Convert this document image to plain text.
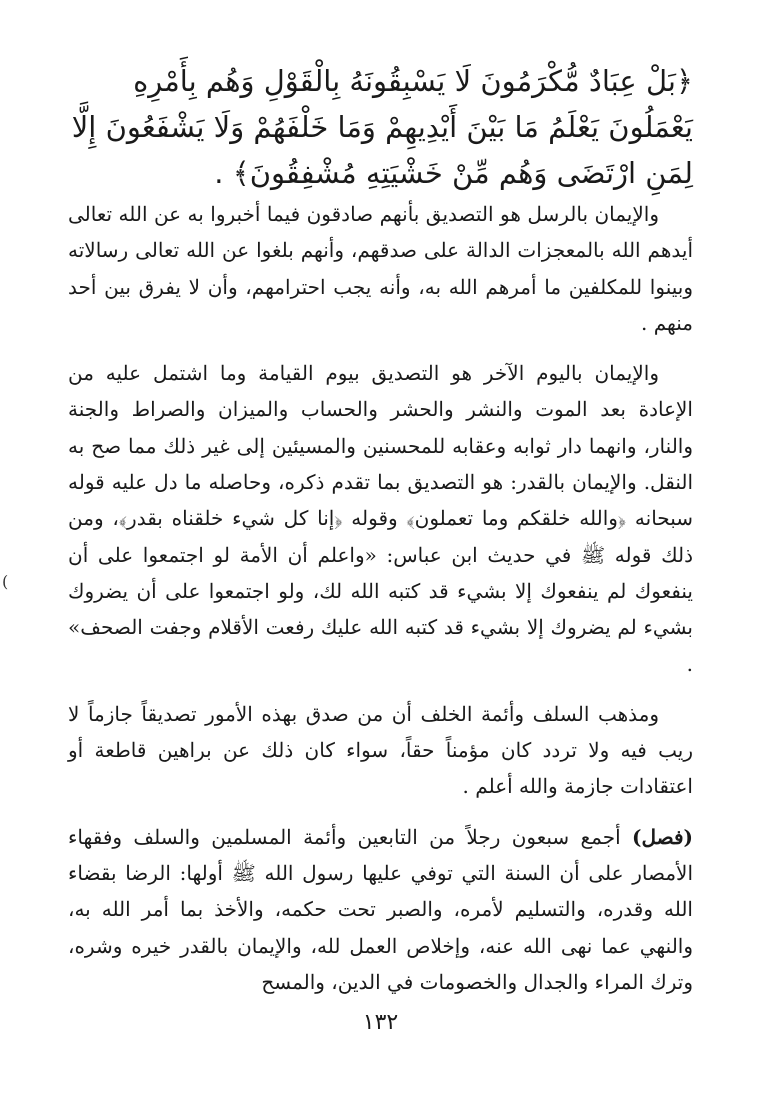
﴿بَلْ عِبَادٌ مُّكْرَمُونَ لَا يَسْبِقُونَهُ بِالْقَوْلِ وَهُم بِأَمْرِهِ يَعْمَلُونَ يَعْلَمُ مَا بَيْنَ أَيْدِيهِمْ وَمَا خَلْفَهُمْ وَلَا يَشْفَعُونَ إِلَّا لِمَنِ ارْتَضَى وَهُم مِّنْ خَشْيَتِهِ مُشْفِقُونَ﴾ .

والإيمان بالرسل هو التصديق بأنهم صادقون فيما أخبروا به عن الله تعالى أيدهم الله بالمعجزات الدالة على صدقهم، وأنهم بلغوا عن الله تعالى رسالاته وبينوا للمكلفين ما أمرهم الله به، وأنه يجب احترامهم، وأن لا يفرق بين أحد منهم .

والإيمان باليوم الآخر هو التصديق بيوم القيامة وما اشتمل عليه من الإعادة بعد الموت والنشر والحشر والحساب والميزان والصراط والجنة والنار، وانهما دار ثوابه وعقابه للمحسنين والمسيئين إلى غير ذلك مما صح به النقل. والإيمان بالقدر: هو التصديق بما تقدم ذكره، وحاصله ما دل عليه قوله سبحانه ﴿والله خلقكم وما تعملون﴾ وقوله ﴿إنا كل شيء خلقناه بقدر﴾، ومن ذلك قوله ﷺ في حديث ابن عباس: «واعلم أن الأمة لو اجتمعوا على أن ينفعوك لم ينفعوك إلا بشيء قد كتبه الله لك، ولو اجتمعوا على أن يضروك بشيء لم يضروك إلا بشيء قد كتبه الله عليك رفعت الأقلام وجفت الصحف» .

ومذهب السلف وأئمة الخلف أن من صدق بهذه الأمور تصديقاً جازماً لا ريب فيه ولا تردد كان مؤمناً حقاً، سواء كان ذلك عن براهين قاطعة أو اعتقادات جازمة والله أعلم .

(فصل) أجمع سبعون رجلاً من التابعين وأئمة المسلمين والسلف وفقهاء الأمصار على أن السنة التي توفي عليها رسول الله ﷺ أولها: الرضا بقضاء الله وقدره، والتسليم لأمره، والصبر تحت حكمه، والأخذ بما أمر الله به، والنهي عما نهى الله عنه، وإخلاص العمل لله، والإيمان بالقدر خيره وشره، وترك المراء والجدال والخصومات في الدين، والمسح

(
١٣٢
